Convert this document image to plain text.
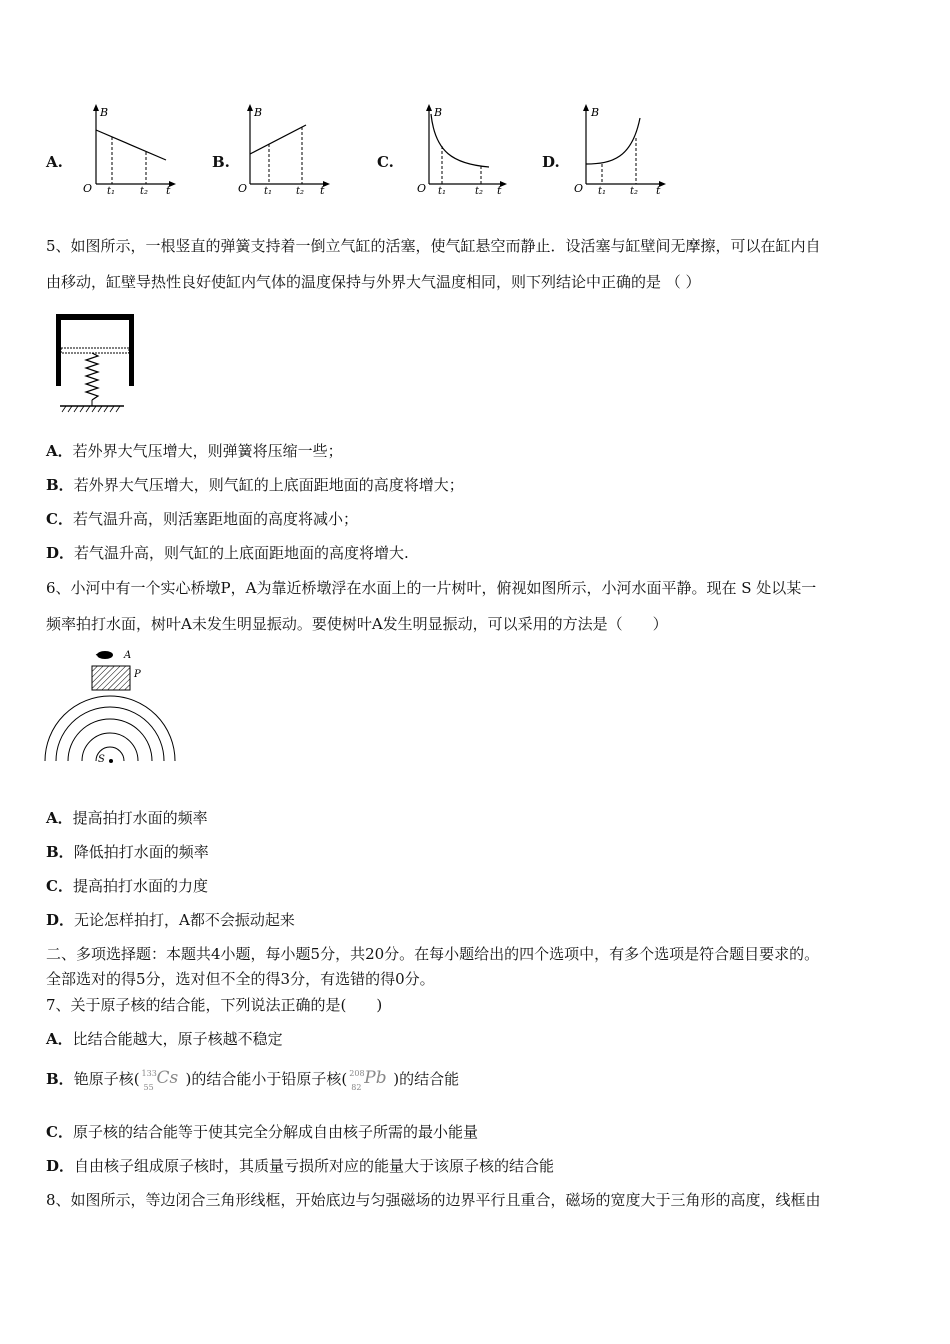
A.
B
O t₁ t₂ t
B.
B
O t₁ t₂ t
C.
B
O t₁	t₂ t
D.
B
O t₁ t₂ t
5、如图所示，一根竖直的弹簧支持着一倒立气缸的活塞，使气缸悬空而静止．设活塞与缸壁间无摩擦，可以在缸内自
由移动，缸壁导热性良好使缸内气体的温度保持与外界大气温度相同，则下列结论中正确的是 （ ）
A．若外界大气压增大，则弹簧将压缩一些；
B．若外界大气压增大，则气缸的上底面距地面的高度将增大；
C．若气温升高，则活塞距地面的高度将减小；
D．若气温升高，则气缸的上底面距地面的高度将增大.
6、小河中有一个实心桥墩P，A为靠近桥墩浮在水面上的一片树叶，俯视如图所示，小河水面平静。现在 S 处以某一
频率拍打水面，树叶A未发生明显振动。要使树叶A发生明显振动，可以采用的方法是（　　）
A
P
S
A．提高拍打水面的频率
B．降低拍打水面的频率
C．提高拍打水面的力度
D．无论怎样拍打，A都不会振动起来
二、多项选择题：本题共4小题，每小题5分，共20分。在每小题给出的四个选项中，有多个选项是符合题目要求的。
全部选对的得5分，选对但不全的得3分，有选错的得0分。
7、关于原子核的结合能，下列说法正确的是(　　)
A．比结合能越大，原子核越不稳定
B．铯原子核( 133
55 Cs )的结合能小于铅原子核( 208
82 Pb )的结合能
C．原子核的结合能等于使其完全分解成自由核子所需的最小能量
D．自由核子组成原子核时，其质量亏损所对应的能量大于该原子核的结合能
8、如图所示，等边闭合三角形线框，开始底边与匀强磁场的边界平行且重合，磁场的宽度大于三角形的高度，线框由
